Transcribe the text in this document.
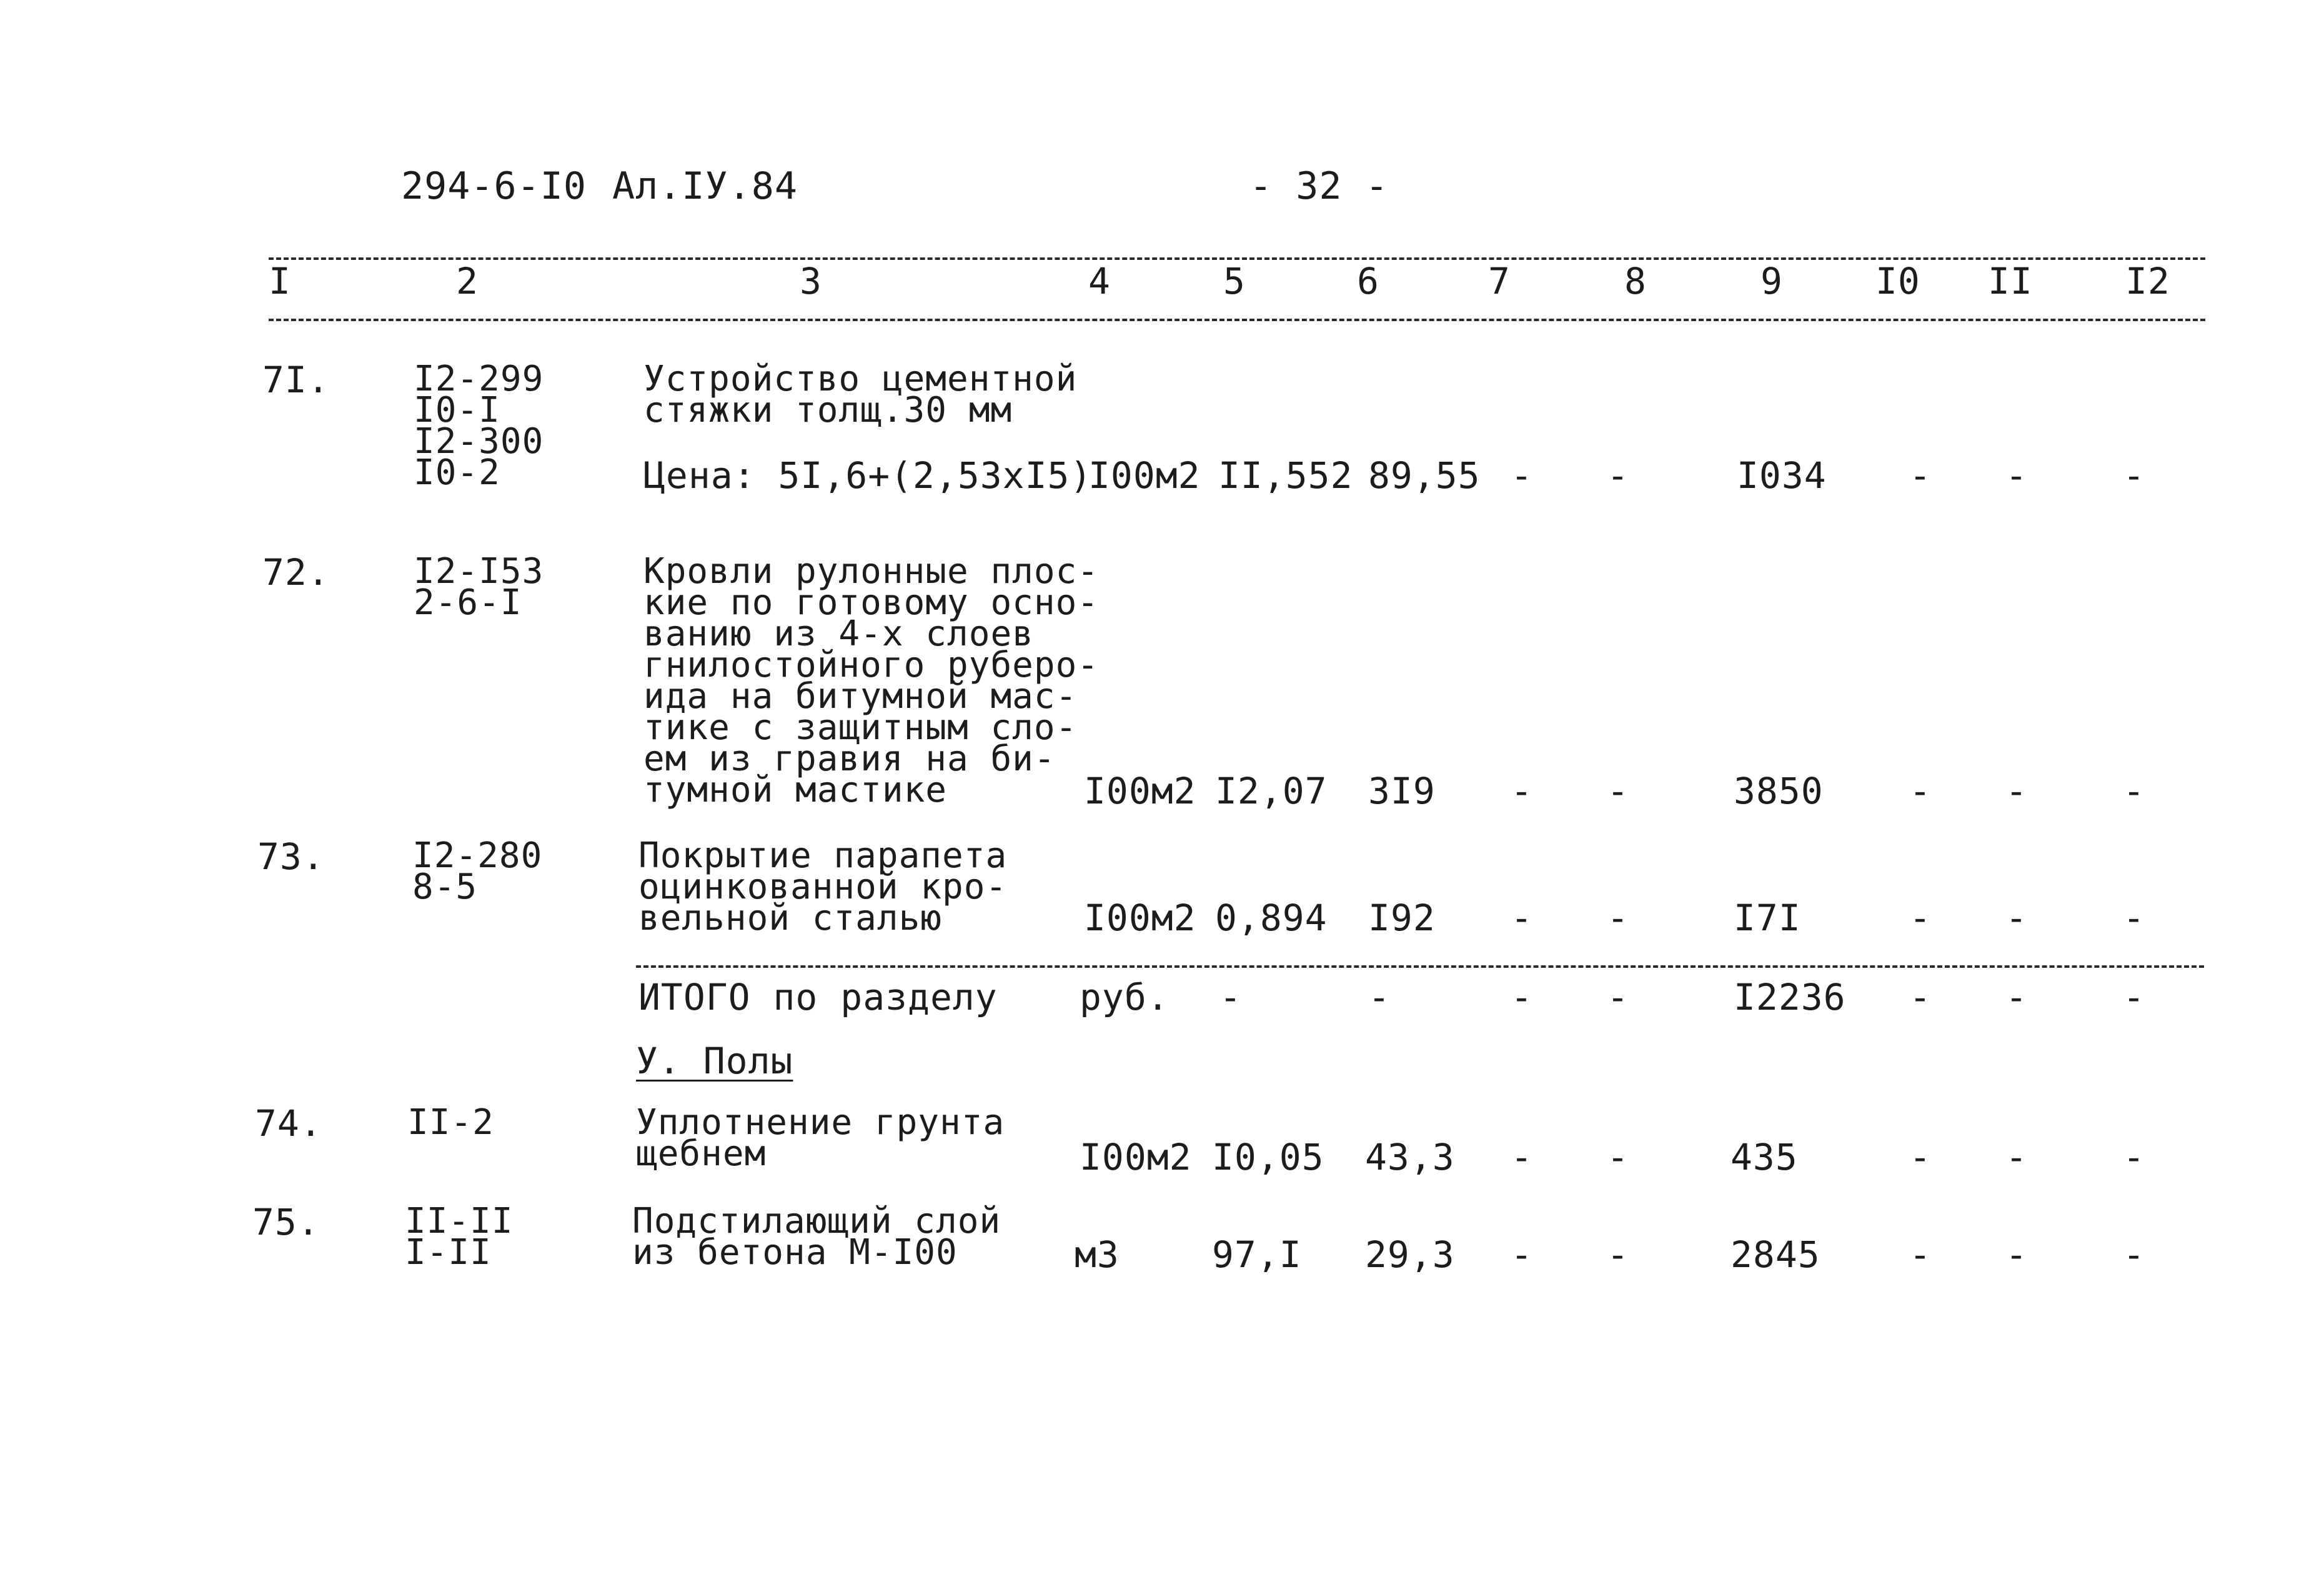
294-6-I0 Ал.IУ.84	- 32 -
I	2	3	4	5	6	7	8	9	I0 II	I2
7I. I2-299
I0-I
I2-300
I0-2
Устройство цементной
стяжки толщ.30 мм
Цена: 5I,6+(2,53xI5)
I00м2 II,552 89,55 - -	I034 - -	-
72. I2-I53
2-6-I
Кровли рулонные плос-
кие по готовому осно-
ванию из 4-х слоев
гнилостойного руберо-
ида на битумной мас-
тике с защитным сло-
ем из гравия на би-
тумной мастике	I00м2 I2,07 3I9 - -	3850 - -	-
73.	I2-280
8-5
Покрытие парапета
оцинкованной кро-
вельной сталью	I00м2 0,894 I92 - -	I7I	- -	-
ИТОГО по разделу руб. -	-	- -	I2236 - -	-
У. Полы
74. II-2	Уплотнение грунта
щебнем	I00м2 I0,05 43,3 - -	435	- -	-
75. II-II
I-II
Подстилающий слой
из бетона М-I00	м3	97,I 29,3 - -	2845 - -	-
